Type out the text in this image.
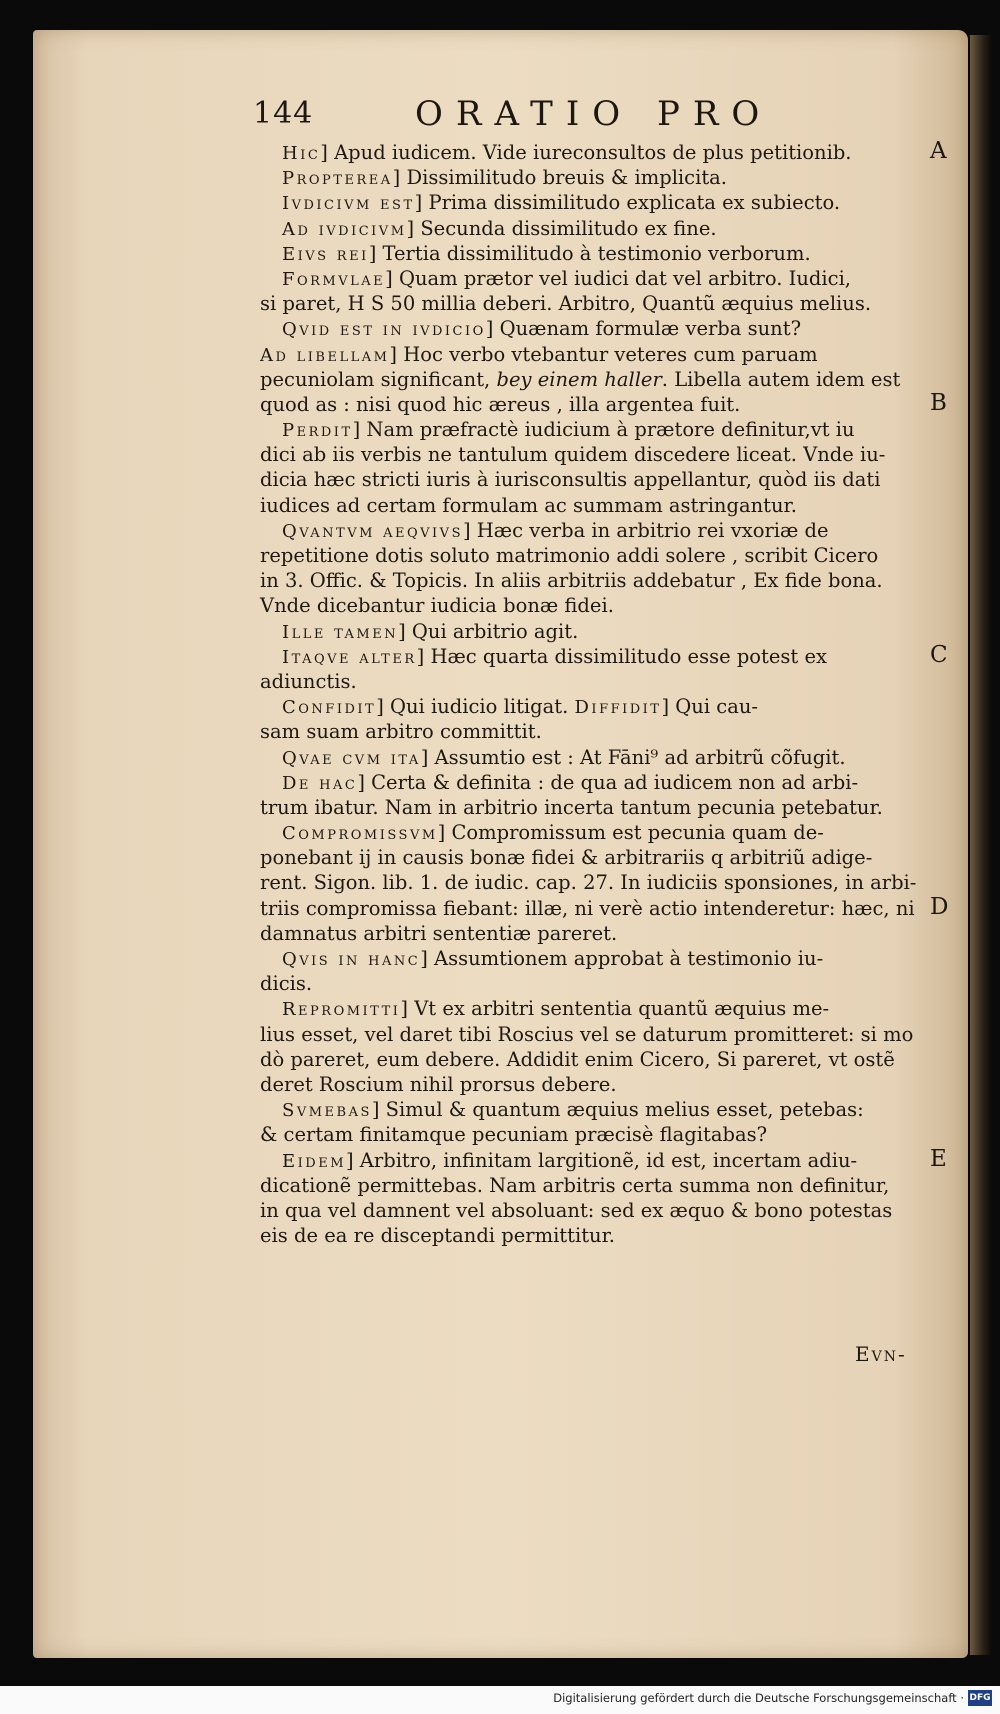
144	ORATIO PRO
Hic] Apud iudicem. Vide iureconsultos de plus petitionib.
Propterea] Dissimilitudo breuis & implicita.
Ivdicivm est] Prima dissimilitudo explicata ex subiecto.
Ad ivdicivm] Secunda dissimilitudo ex fine.
Eivs rei] Tertia dissimilitudo à testimonio verborum.
Formvlae] Quam prætor vel iudici dat vel arbitro. Iudici,
si paret, H S 50 millia deberi. Arbitro, Quantũ æquius melius.
Qvid est in ivdicio] Quænam formulæ verba sunt?
Ad libellam] Hoc verbo vtebantur veteres cum paruam
pecuniolam significant, bey einem haller. Libella autem idem est
quod as : nisi quod hic æreus , illa argentea fuit.
Perdit] Nam præfractè iudicium à prætore definitur,vt iu
dici ab iis verbis ne tantulum quidem discedere liceat. Vnde iu-
dicia hæc stricti iuris à iurisconsultis appellantur, quòd iis dati
iudices ad certam formulam ac summam astringantur.
Qvantvm aeqvivs] Hæc verba in arbitrio rei vxoriæ de
repetitione dotis soluto matrimonio addi solere , scribit Cicero
in 3. Offic. & Topicis. In aliis arbitriis addebatur , Ex fide bona.
Vnde dicebantur iudicia bonæ fidei.
Ille tamen] Qui arbitrio agit.
Itaqve alter] Hæc quarta dissimilitudo esse potest ex
adiunctis.
Confidit] Qui iudicio litigat. Diffidit] Qui cau-
sam suam arbitro committit.
Qvae cvm ita] Assumtio est : At Fāni⁹ ad arbitrũ cõfugit.
De hac] Certa & definita : de qua ad iudicem non ad arbi-
trum ibatur. Nam in arbitrio incerta tantum pecunia petebatur.
Compromissvm] Compromissum est pecunia quam de-
ponebant ij in causis bonæ fidei & arbitrariis q arbitriũ adige-
rent. Sigon. lib. 1. de iudic. cap. 27. In iudiciis sponsiones, in arbi-
triis compromissa fiebant: illæ, ni verè actio intenderetur: hæc, ni
damnatus arbitri sententiæ pareret.
Qvis in hanc] Assumtionem approbat à testimonio iu-
dicis.
Repromitti] Vt ex arbitri sententia quantũ æquius me-
lius esset, vel daret tibi Roscius vel se daturum promitteret: si mo
dò pareret, eum debere. Addidit enim Cicero, Si pareret, vt ostẽ
deret Roscium nihil prorsus debere.
Svmebas] Simul & quantum æquius melius esset, petebas:
& certam finitamque pecuniam præcisè flagitabas?
Eidem] Arbitro, infinitam largitionẽ, id est, incertam adiu-
dicationẽ permittebas. Nam arbitris certa summa non definitur,
in qua vel damnent vel absoluant: sed ex æquo & bono potestas
eis de ea re disceptandi permittitur.
A
B
C
D
E
Evn-
Digitalisierung gefördert durch die Deutsche Forschungsgemeinschaft · DFG
